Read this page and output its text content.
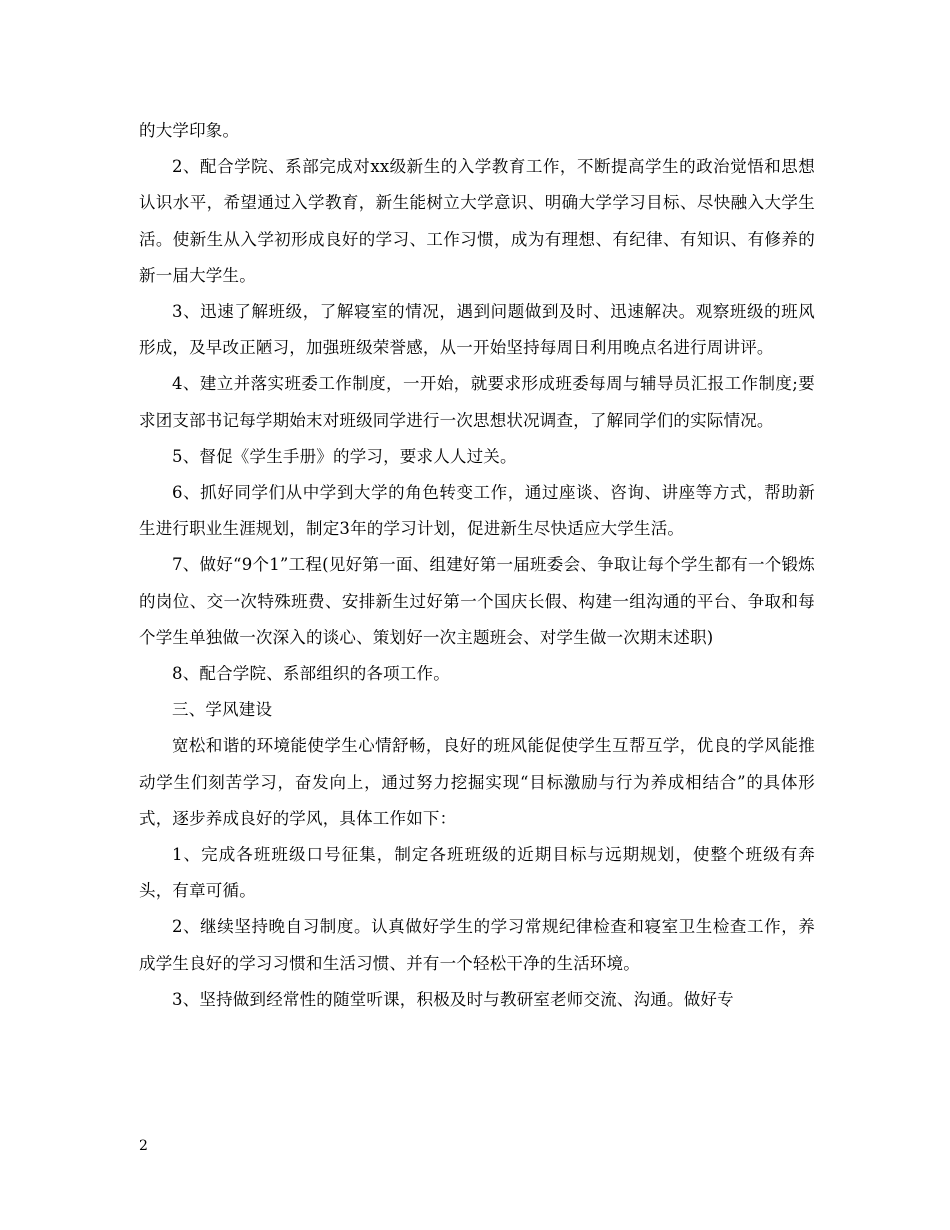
的大学印象。

2、配合学院、系部完成对xx级新生的入学教育工作，不断提高学生的政治觉悟和思想认识水平，希望通过入学教育，新生能树立大学意识、明确大学学习目标、尽快融入大学生活。使新生从入学初形成良好的学习、工作习惯，成为有理想、有纪律、有知识、有修养的新一届大学生。

3、迅速了解班级，了解寝室的情况，遇到问题做到及时、迅速解决。观察班级的班风形成，及早改正陋习，加强班级荣誉感，从一开始坚持每周日利用晚点名进行周讲评。

4、建立并落实班委工作制度，一开始，就要求形成班委每周与辅导员汇报工作制度;要求团支部书记每学期始末对班级同学进行一次思想状况调查，了解同学们的实际情况。

5、督促《学生手册》的学习，要求人人过关。

6、抓好同学们从中学到大学的角色转变工作，通过座谈、咨询、讲座等方式，帮助新生进行职业生涯规划，制定3年的学习计划，促进新生尽快适应大学生活。

7、做好“9个1”工程(见好第一面、组建好第一届班委会、争取让每个学生都有一个锻炼的岗位、交一次特殊班费、安排新生过好第一个国庆长假、构建一组沟通的平台、争取和每个学生单独做一次深入的谈心、策划好一次主题班会、对学生做一次期末述职)

8、配合学院、系部组织的各项工作。

三、学风建设

宽松和谐的环境能使学生心情舒畅，良好的班风能促使学生互帮互学，优良的学风能推动学生们刻苦学习，奋发向上，通过努力挖掘实现“目标激励与行为养成相结合”的具体形式，逐步养成良好的学风，具体工作如下：

1、完成各班班级口号征集，制定各班班级的近期目标与远期规划，使整个班级有奔头，有章可循。

2、继续坚持晚自习制度。认真做好学生的学习常规纪律检查和寝室卫生检查工作，养成学生良好的学习习惯和生活习惯、并有一个轻松干净的生活环境。

3、坚持做到经常性的随堂听课，积极及时与教研室老师交流、沟通。做好专

2
